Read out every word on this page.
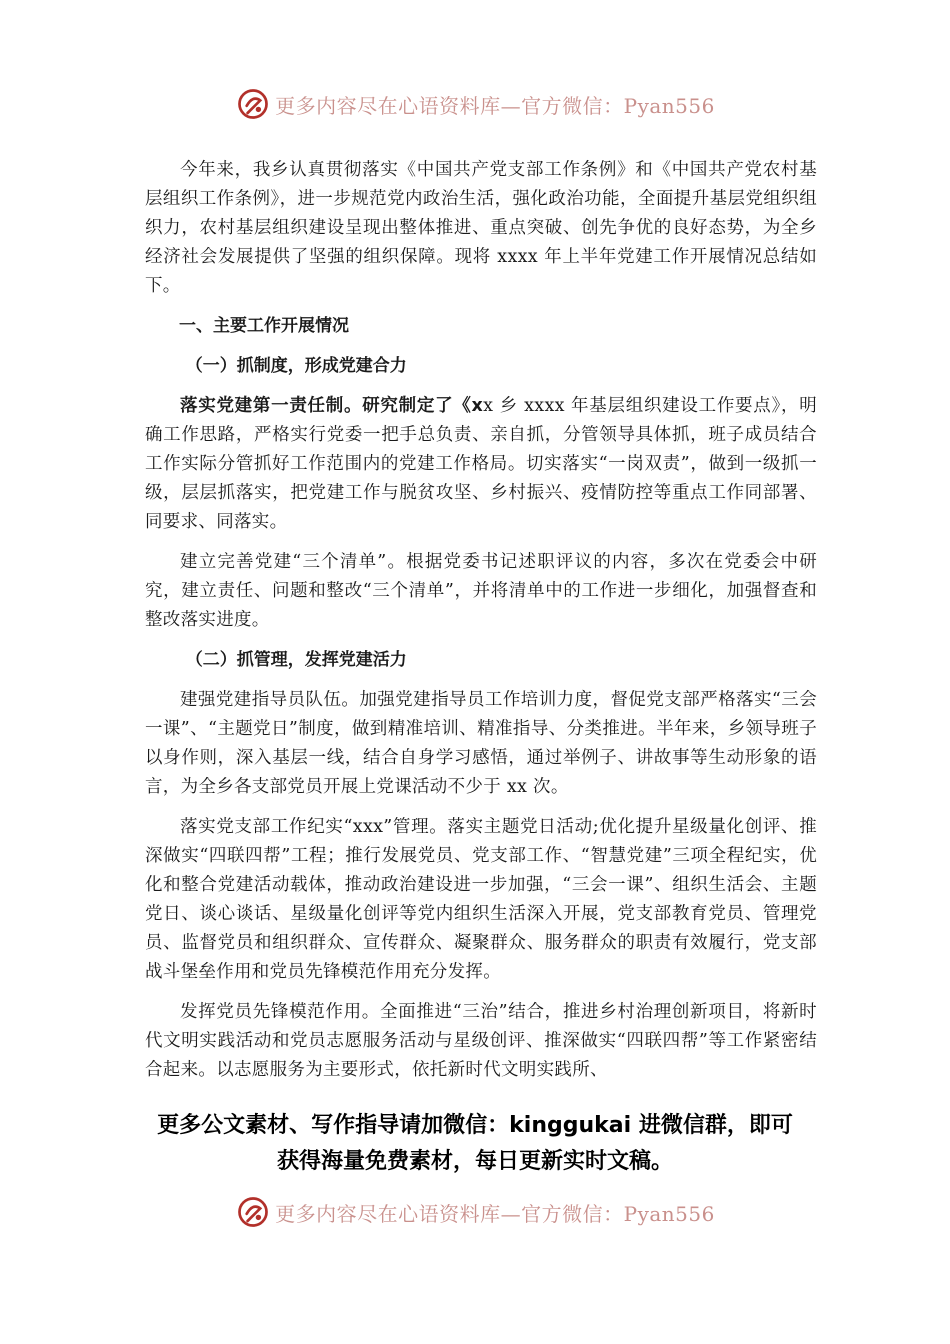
更多内容尽在心语资料库—官方微信：Pyan556

今年来，我乡认真贯彻落实《中国共产党支部工作条例》和《中国共产党农村基层组织工作条例》，进一步规范党内政治生活，强化政治功能，全面提升基层党组织组织力，农村基层组织建设呈现出整体推进、重点突破、创先争优的良好态势，为全乡经济社会发展提供了坚强的组织保障。现将 xxxx 年上半年党建工作开展情况总结如下。

一、主要工作开展情况

（一）抓制度，形成党建合力

落实党建第一责任制。研究制定了《xx 乡 xxxx 年基层组织建设工作要点》，明确工作思路，严格实行党委一把手总负责、亲自抓，分管领导具体抓，班子成员结合工作实际分管抓好工作范围内的党建工作格局。切实落实“一岗双责”，做到一级抓一级，层层抓落实，把党建工作与脱贫攻坚、乡村振兴、疫情防控等重点工作同部署、同要求、同落实。

建立完善党建“三个清单”。根据党委书记述职评议的内容，多次在党委会中研究，建立责任、问题和整改“三个清单”，并将清单中的工作进一步细化，加强督查和整改落实进度。

（二）抓管理，发挥党建活力

建强党建指导员队伍。加强党建指导员工作培训力度，督促党支部严格落实“三会一课”、“主题党日”制度，做到精准培训、精准指导、分类推进。半年来，乡领导班子以身作则，深入基层一线，结合自身学习感悟，通过举例子、讲故事等生动形象的语言，为全乡各支部党员开展上党课活动不少于 xx 次。

落实党支部工作纪实“xxx”管理。落实主题党日活动;优化提升星级量化创评、推深做实“四联四帮”工程；推行发展党员、党支部工作、“智慧党建”三项全程纪实，优化和整合党建活动载体，推动政治建设进一步加强，“三会一课”、组织生活会、主题党日、谈心谈话、星级量化创评等党内组织生活深入开展，党支部教育党员、管理党员、监督党员和组织群众、宣传群众、凝聚群众、服务群众的职责有效履行，党支部战斗堡垒作用和党员先锋模范作用充分发挥。

发挥党员先锋模范作用。全面推进“三治”结合，推进乡村治理创新项目，将新时代文明实践活动和党员志愿服务活动与星级创评、推深做实“四联四帮”等工作紧密结合起来。以志愿服务为主要形式，依托新时代文明实践所、

更多公文素材、写作指导请加微信：kinggukai 进微信群，即可
获得海量免费素材，每日更新实时文稿。
更多内容尽在心语资料库—官方微信：Pyan556
